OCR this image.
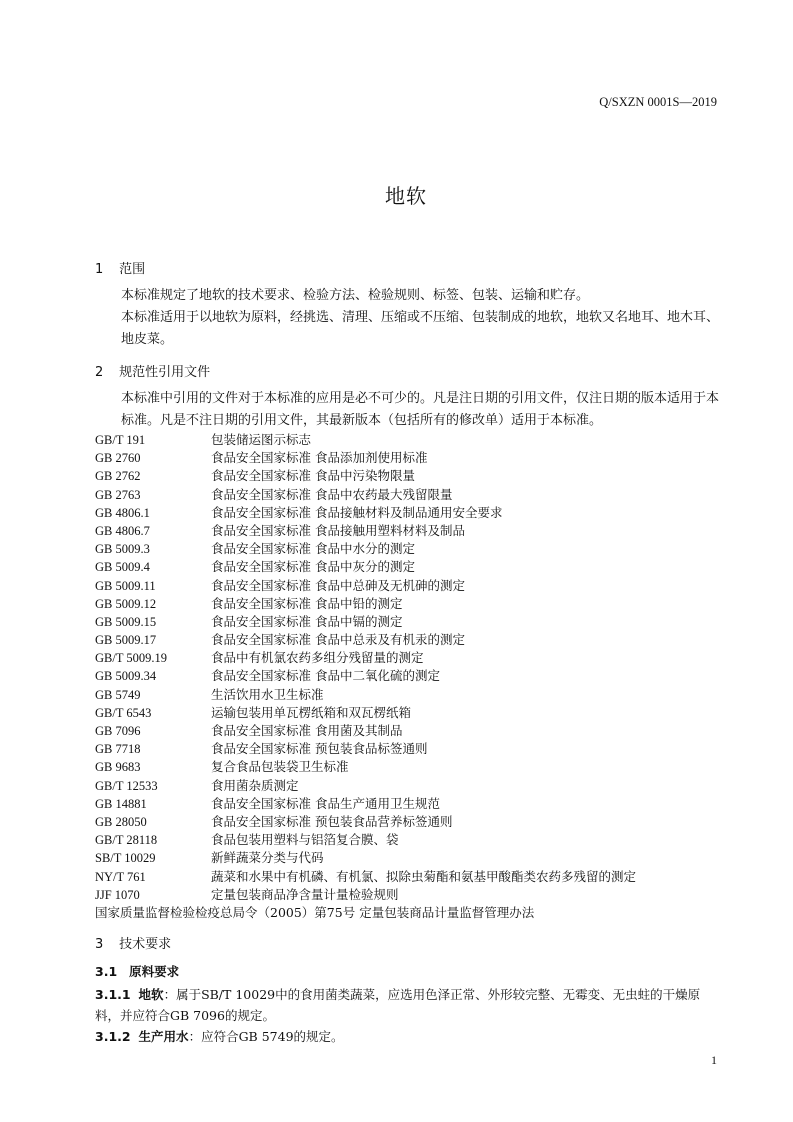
Q/SXZN 0001S—2019
地软
1 范围
本标准规定了地软的技术要求、检验方法、检验规则、标签、包装、运输和贮存。
本标准适用于以地软为原料，经挑选、清理、压缩或不压缩、包装制成的地软，地软又名地耳、地木耳、地皮菜。
2 规范性引用文件
本标准中引用的文件对于本标准的应用是必不可少的。凡是注日期的引用文件，仅注日期的版本适用于本标准。凡是不注日期的引用文件，其最新版本（包括所有的修改单）适用于本标准。
GB/T 191	包装储运图示标志
GB 2760	食品安全国家标准 食品添加剂使用标准
GB 2762	食品安全国家标准 食品中污染物限量
GB 2763	食品安全国家标准 食品中农药最大残留限量
GB 4806.1	食品安全国家标准 食品接触材料及制品通用安全要求
GB 4806.7	食品安全国家标准 食品接触用塑料材料及制品
GB 5009.3	食品安全国家标准 食品中水分的测定
GB 5009.4	食品安全国家标准 食品中灰分的测定
GB 5009.11	食品安全国家标准 食品中总砷及无机砷的测定
GB 5009.12	食品安全国家标准 食品中铅的测定
GB 5009.15	食品安全国家标准 食品中镉的测定
GB 5009.17	食品安全国家标准 食品中总汞及有机汞的测定
GB/T 5009.19	食品中有机氯农药多组分残留量的测定
GB 5009.34	食品安全国家标准 食品中二氧化硫的测定
GB 5749	生活饮用水卫生标准
GB/T 6543	运输包装用单瓦楞纸箱和双瓦楞纸箱
GB 7096	食品安全国家标准 食用菌及其制品
GB 7718	食品安全国家标准 预包装食品标签通则
GB 9683	复合食品包装袋卫生标准
GB/T 12533	食用菌杂质测定
GB 14881	食品安全国家标准 食品生产通用卫生规范
GB 28050	食品安全国家标准 预包装食品营养标签通则
GB/T 28118	食品包装用塑料与铝箔复合膜、袋
SB/T 10029	新鲜蔬菜分类与代码
NY/T 761	蔬菜和水果中有机磷、有机氯、拟除虫菊酯和氨基甲酸酯类农药多残留的测定
JJF 1070	定量包装商品净含量计量检验规则
国家质量监督检验检疫总局令（2005）第75号 定量包装商品计量监督管理办法
3 技术要求
3.1 原料要求
3.1.1 地软：属于SB/T 10029中的食用菌类蔬菜，应选用色泽正常、外形较完整、无霉变、无虫蛀的干燥原料，并应符合GB 7096的规定。
3.1.2 生产用水：应符合GB 5749的规定。
1
